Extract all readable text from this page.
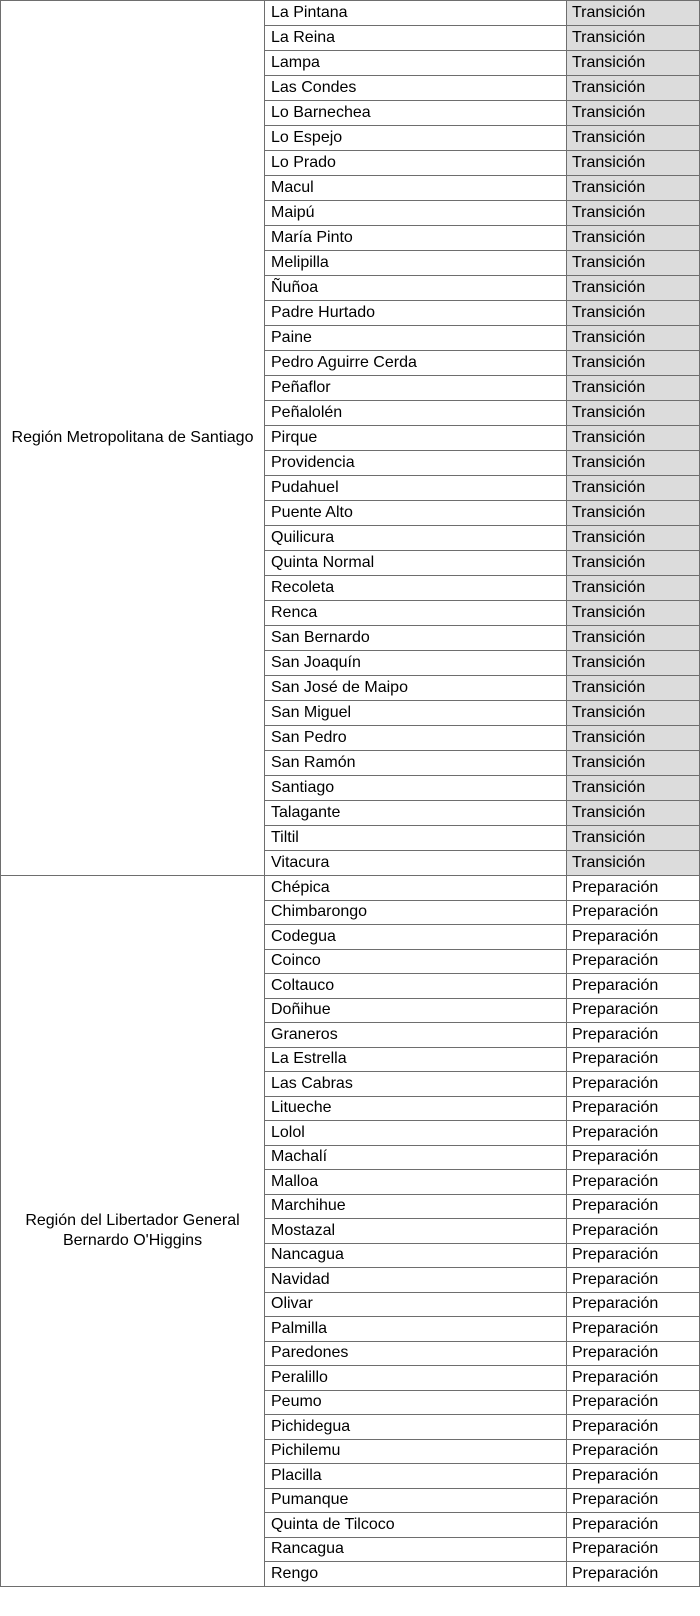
Región Metropolitana de Santiago	La Pintana	Transición
	La Reina	Transición
	Lampa	Transición
	Las Condes	Transición
	Lo Barnechea	Transición
	Lo Espejo	Transición
	Lo Prado	Transición
	Macul	Transición
	Maipú	Transición
	María Pinto	Transición
	Melipilla	Transición
	Ñuñoa	Transición
	Padre Hurtado	Transición
	Paine	Transición
	Pedro Aguirre Cerda	Transición
	Peñaflor	Transición
	Peñalolén	Transición
	Pirque	Transición
	Providencia	Transición
	Pudahuel	Transición
	Puente Alto	Transición
	Quilicura	Transición
	Quinta Normal	Transición
	Recoleta	Transición
	Renca	Transición
	San Bernardo	Transición
	San Joaquín	Transición
	San José de Maipo	Transición
	San Miguel	Transición
	San Pedro	Transición
	San Ramón	Transición
	Santiago	Transición
	Talagante	Transición
	Tiltil	Transición
	Vitacura	Transición
Región del Libertador General Bernardo O'Higgins	Chépica	Preparación
	Chimbarongo	Preparación
	Codegua	Preparación
	Coinco	Preparación
	Coltauco	Preparación
	Doñihue	Preparación
	Graneros	Preparación
	La Estrella	Preparación
	Las Cabras	Preparación
	Litueche	Preparación
	Lolol	Preparación
	Machalí	Preparación
	Malloa	Preparación
	Marchihue	Preparación
	Mostazal	Preparación
	Nancagua	Preparación
	Navidad	Preparación
	Olivar	Preparación
	Palmilla	Preparación
	Paredones	Preparación
	Peralillo	Preparación
	Peumo	Preparación
	Pichidegua	Preparación
	Pichilemu	Preparación
	Placilla	Preparación
	Pumanque	Preparación
	Quinta de Tilcoco	Preparación
	Rancagua	Preparación
	Rengo	Preparación
